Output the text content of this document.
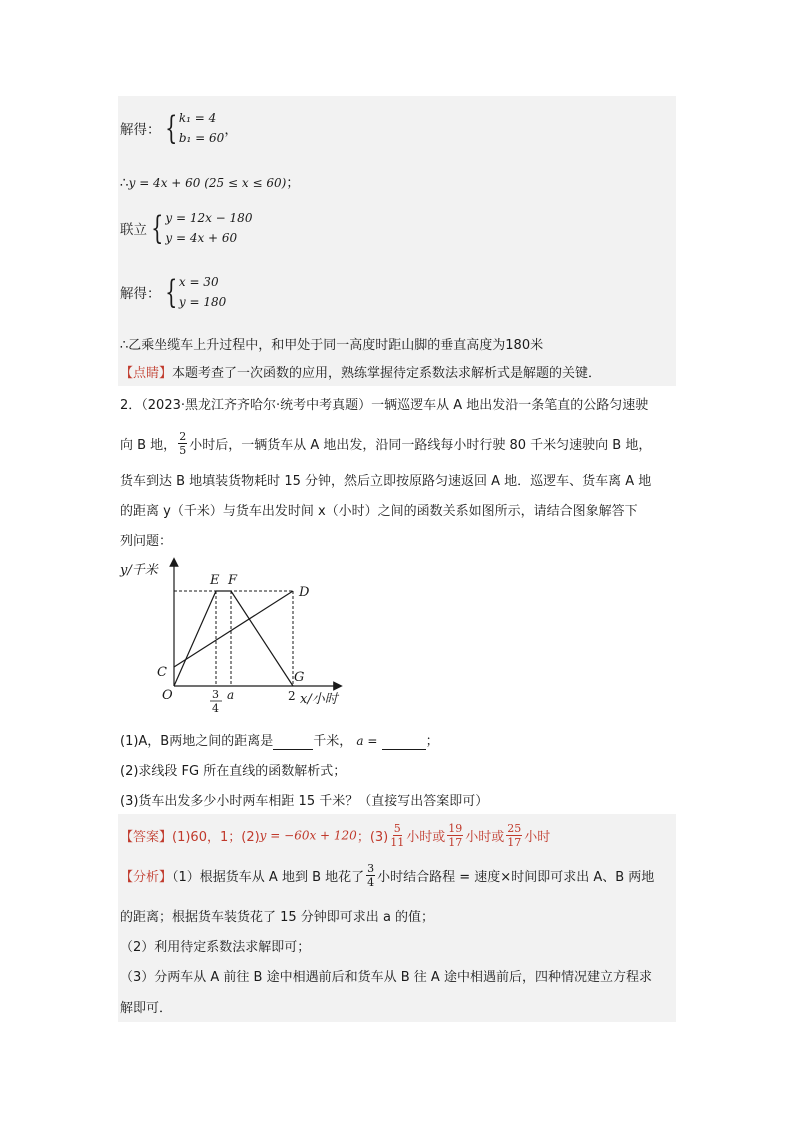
解得： { k₁ = 4
b₁ = 60 ，
∴y = 4x + 60 (25 ≤ x ≤ 60)；
联立 { y = 12x − 180
y = 4x + 60
解得： { x = 30
y = 180
∴乙乘坐缆车上升过程中，和甲处于同一高度时距山脚的垂直高度为180米
【点睛】本题考查了一次函数的应用，熟练掌握待定系数法求解析式是解题的关键．
2．（2023·黑龙江齐齐哈尔·统考中考真题）一辆巡逻车从 A 地出发沿一条笔直的公路匀速驶
向 B 地， $\frac{2}{5}$ 小时后，一辆货车从 A 地出发，沿同一路线每小时行驶 80 千米匀速驶向 B 地，
货车到达 B 地填装货物耗时 15 分钟，然后立即按原路匀速返回 A 地．巡逻车、货车离 A 地
的距离 y（千米）与货车出发时间 x（小时）之间的函数关系如图所示，请结合图象解答下
列问题：
y/千米
E F
D
C	G
O	3
4
a	2 x/小时
(1)A，B两地之间的距离是	千米， a =	；
(2)求线段 FG 所在直线的函数解析式；
(3)货车出发多少小时两车相距 15 千米？（直接写出答案即可）
【答案】(1)60，1；(2)y = −60x + 120；$(3) \frac{5}{11}$ 小时或 $\frac{19}{17}$ 小时或 $\frac{25}{17}$ 小时
【分析】（1）根据货车从 A 地到 B 地花了 $\frac{3}{4}$ 小时结合路程 = 速度×时间即可求出 A、B 两地
的距离；根据货车装货花了 15 分钟即可求出 a 的值；
（2）利用待定系数法求解即可；
（3）分两车从 A 前往 B 途中相遇前后和货车从 B 往 A 途中相遇前后，四种情况建立方程求
解即可．
